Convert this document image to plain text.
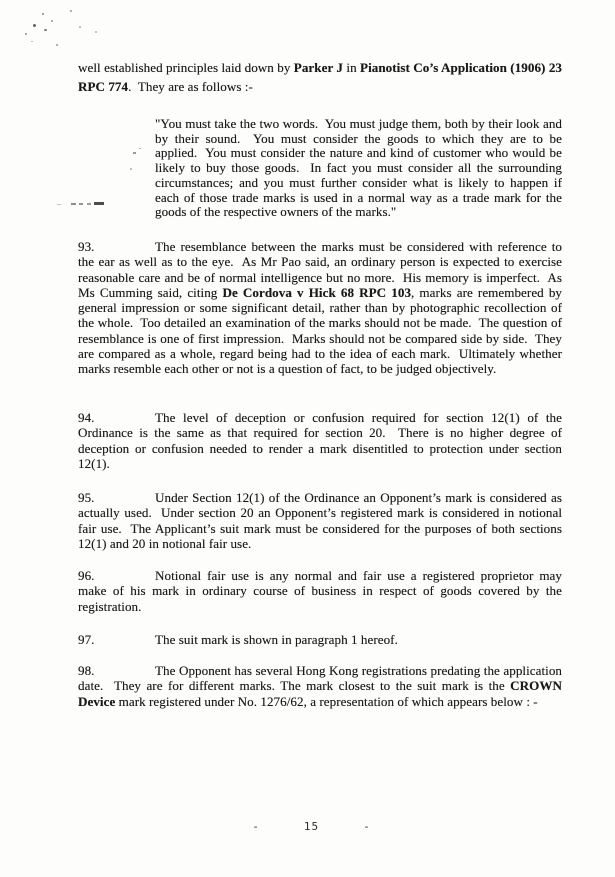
well established principles laid down by Parker J in Pianotist Co’s Application (1906) 23 RPC 774.  They are as follows :-
"You must take the two words.  You must judge them, both by their look and by their sound.  You must consider the goods to which they are to be applied.  You must consider the nature and kind of customer who would be likely to buy those goods.  In fact you must consider all the surrounding circumstances; and you must further consider what is likely to happen if each of those trade marks is used in a normal way as a trade mark for the goods of the respective owners of the marks."
93.	The resemblance between the marks must be considered with reference to the ear as well as to the eye.  As Mr Pao said, an ordinary person is expected to exercise reasonable care and be of normal intelligence but no more.  His memory is imperfect.  As Ms Cumming said, citing De Cordova v Hick 68 RPC 103, marks are remembered by general impression or some significant detail, rather than by photographic recollection of the whole.  Too detailed an examination of the marks should not be made.  The question of resemblance is one of first impression.  Marks should not be compared side by side.  They are compared as a whole, regard being had to the idea of each mark.  Ultimately whether marks resemble each other or not is a question of fact, to be judged objectively.
94.	The level of deception or confusion required for section 12(1) of the Ordinance is the same as that required for section 20.  There is no higher degree of deception or confusion needed to render a mark disentitled to protection under section 12(1).
95.	Under Section 12(1) of the Ordinance an Opponent’s mark is considered as actually used.  Under section 20 an Opponent’s registered mark is considered in notional fair use.  The Applicant’s suit mark must be considered for the purposes of both sections 12(1) and 20 in notional fair use.
96.	Notional fair use is any normal and fair use a registered proprietor may make of his mark in ordinary course of business in respect of goods covered by the registration.
97.	The suit mark is shown in paragraph 1 hereof.
98.	The Opponent has several Hong Kong registrations predating the application date.  They are for different marks. The mark closest to the suit mark is the CROWN Device mark registered under No. 1276/62, a representation of which appears below : -
-	15	-
